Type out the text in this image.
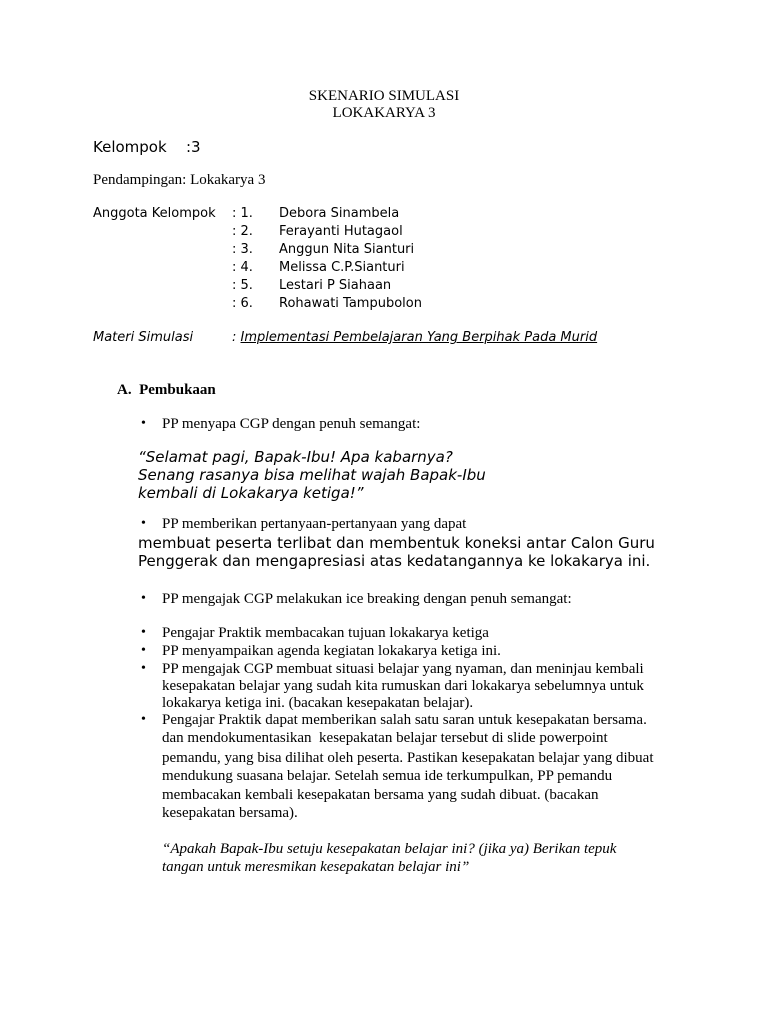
SKENARIO SIMULASI
LOKAKARYA 3
Kelompok :3
Pendampingan: Lokakarya 3
Anggota Kelompok : 1. Debora Sinambela
: 2. Ferayanti Hutagaol
: 3. Anggun Nita Sianturi
: 4. Melissa C.P.Sianturi
: 5. Lestari P Siahaan
: 6. Rohawati Tampubolon
Materi Simulasi	: Implementasi Pembelajaran Yang Berpihak Pada Murid
A.  Pembukaan
• PP menyapa CGP dengan penuh semangat:
“Selamat pagi, Bapak-Ibu! Apa kabarnya?
Senang rasanya bisa melihat wajah Bapak-Ibu
kembali di Lokakarya ketiga!”
• PP memberikan pertanyaan-pertanyaan yang dapat
membuat peserta terlibat dan membentuk koneksi antar Calon Guru
Penggerak dan mengapresiasi atas kedatangannya ke lokakarya ini.
• PP mengajak CGP melakukan ice breaking dengan penuh semangat:
• Pengajar Praktik membacakan tujuan lokakarya ketiga
• PP menyampaikan agenda kegiatan lokakarya ketiga ini.
• PP mengajak CGP membuat situasi belajar yang nyaman, dan meninjau kembali
kesepakatan belajar yang sudah kita rumuskan dari lokakarya sebelumnya untuk
lokakarya ketiga ini. (bacakan kesepakatan belajar).
• Pengajar Praktik dapat memberikan salah satu saran untuk kesepakatan bersama.
dan mendokumentasikan  kesepakatan belajar tersebut di slide powerpoint
pemandu, yang bisa dilihat oleh peserta. Pastikan kesepakatan belajar yang dibuat
mendukung suasana belajar. Setelah semua ide terkumpulkan, PP pemandu
membacakan kembali kesepakatan bersama yang sudah dibuat. (bacakan
kesepakatan bersama).
“Apakah Bapak-Ibu setuju kesepakatan belajar ini? (jika ya) Berikan tepuk
tangan untuk meresmikan kesepakatan belajar ini”
